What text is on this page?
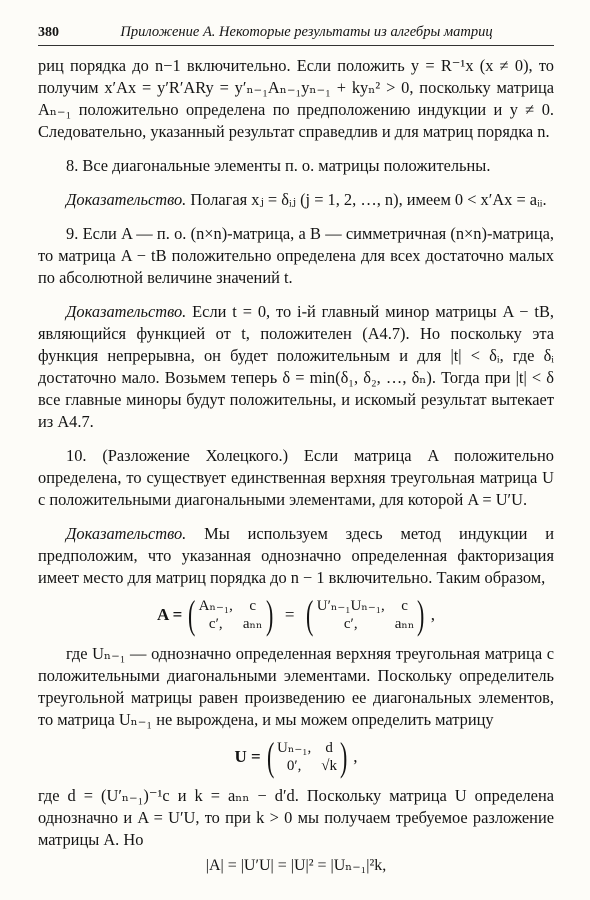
380	Приложение А. Некоторые результаты из алгебры матриц

риц порядка до n−1 включительно. Если положить y = R⁻¹x (x ≠ 0), то получим x′Ax = y′R′ARy = y′ₙ₋₁Aₙ₋₁yₙ₋₁ + kyₙ² > 0, поскольку матрица Aₙ₋₁ положительно определена по предположению индукции и y ≠ 0. Следовательно, указанный результат справедлив и для матриц порядка n.

8. Все диагональные элементы п. о. матрицы положительны.

Доказательство. Полагая xⱼ = δᵢⱼ (j = 1, 2, …, n), имеем 0 < x′Ax = aᵢᵢ.

9. Если A — п. о. (n×n)-матрица, а B — симметричная (n×n)-матрица, то матрица A − tB положительно определена для всех достаточно малых по абсолютной величине значений t.

Доказательство. Если t = 0, то i-й главный минор матрицы A − tB, являющийся функцией от t, положителен (A4.7). Но поскольку эта функция непрерывна, он будет положительным и для |t| < δᵢ, где δᵢ достаточно мало. Возьмем теперь δ = min(δ₁, δ₂, …, δₙ). Тогда при |t| < δ все главные миноры будут положительны, и искомый результат вытекает из A4.7.

10. (Разложение Холецкого.) Если матрица A положительно определена, то существует единственная верхняя треугольная матрица U с положительными диагональными элементами, для которой A = U′U.

Доказательство. Мы используем здесь метод индукции и предположим, что указанная однозначно определенная факторизация имеет место для матриц порядка до n − 1 включительно. Таким образом,

A = ( Aₙ₋₁,	c
c′,	aₙₙ ) = ( U′ₙ₋₁Uₙ₋₁,	c
c′,	aₙₙ ) ,

где Uₙ₋₁ — однозначно определенная верхняя треугольная матрица с положительными диагональными элементами. Поскольку определитель треугольной матрицы равен произведению ее диагональных элементов, то матрица Uₙ₋₁ не вырождена, и мы можем определить матрицу

U = ( Uₙ₋₁, d
0′,	√k ) ,

где d = (U′ₙ₋₁)⁻¹c и k = aₙₙ − d′d. Поскольку матрица U определена однозначно и A = U′U, то при k > 0 мы получаем требуемое разложение матрицы A. Но

|A| = |U′U| = |U|² = |Uₙ₋₁|²k,
